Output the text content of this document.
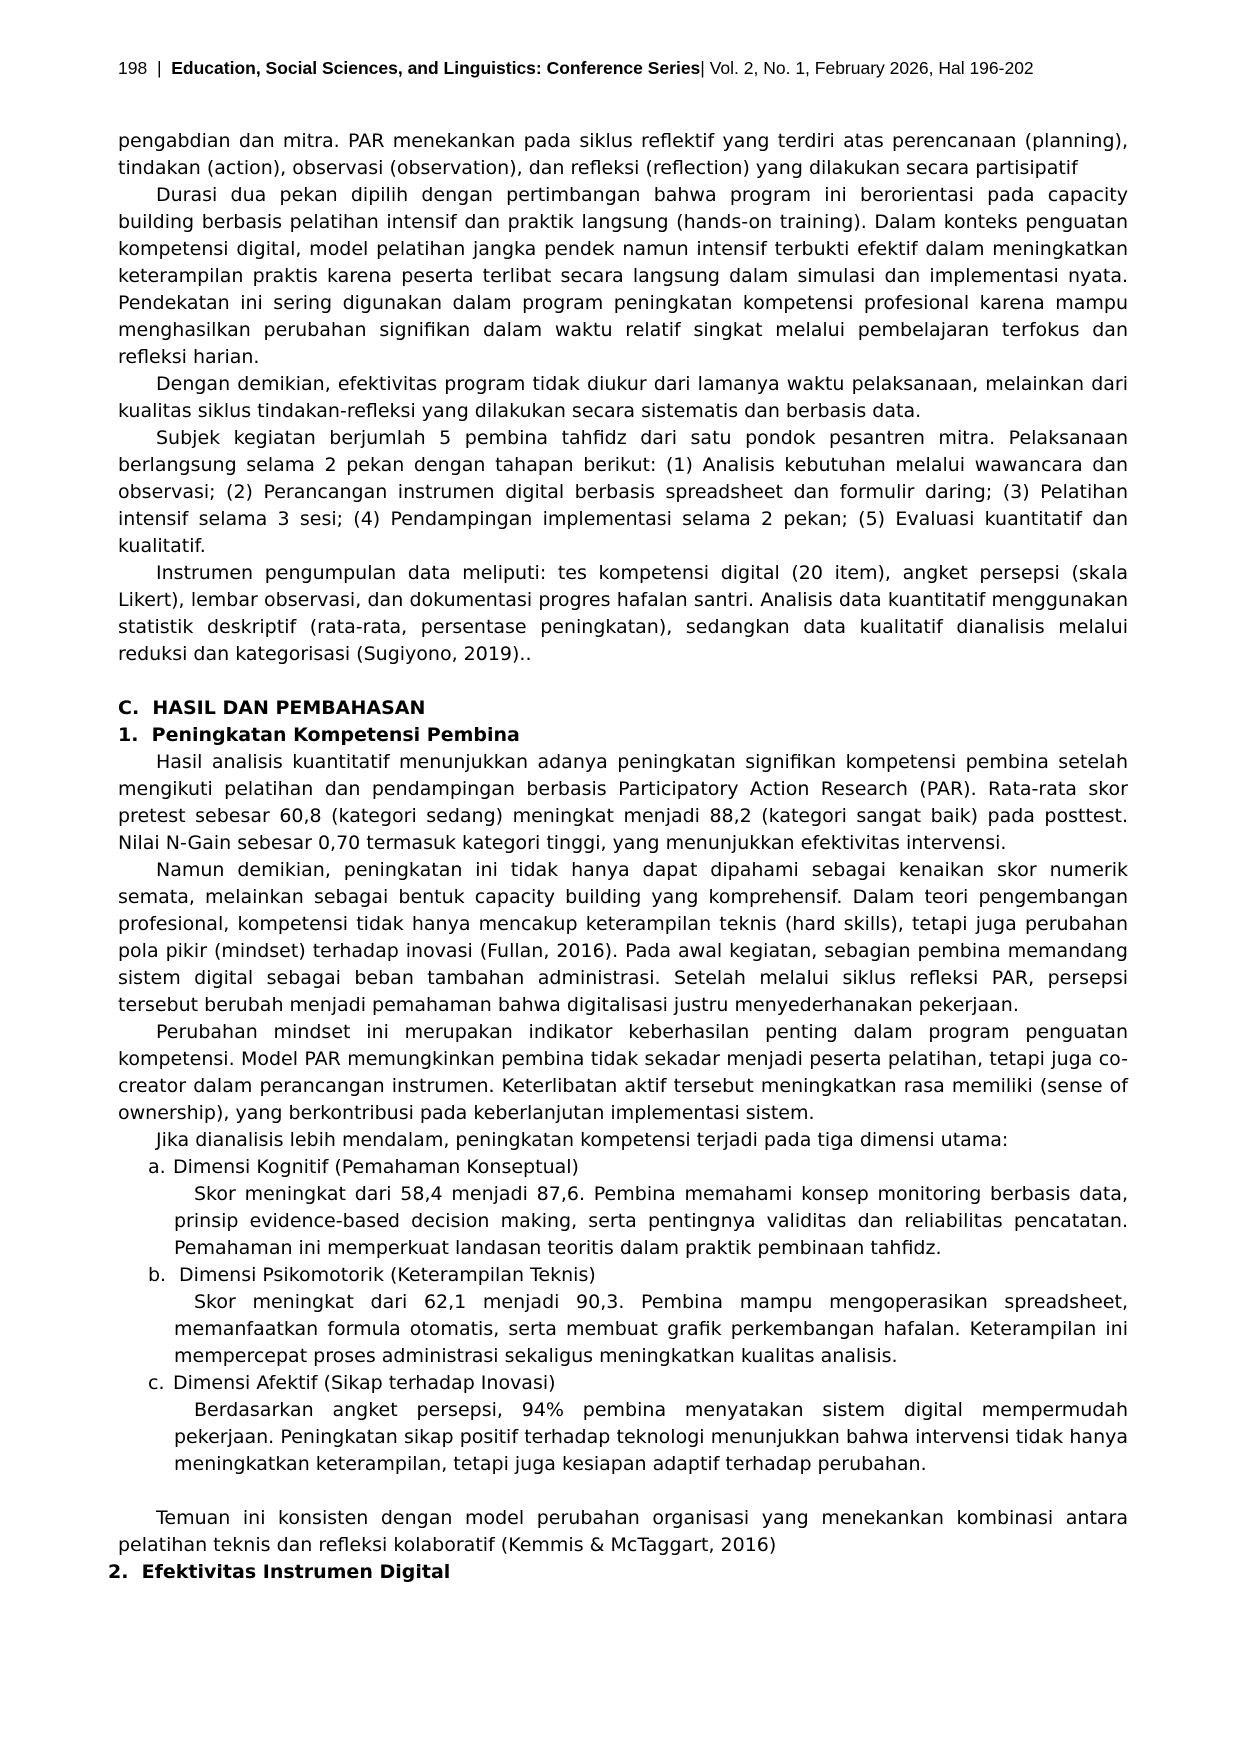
198  |  Education, Social Sciences, and Linguistics: Conference Series| Vol. 2, No. 1, February 2026, Hal 196-202

pengabdian dan mitra. PAR menekankan pada siklus reflektif yang terdiri atas perencanaan (planning), tindakan (action), observasi (observation), dan refleksi (reflection) yang dilakukan secara partisipatif

Durasi dua pekan dipilih dengan pertimbangan bahwa program ini berorientasi pada capacity building berbasis pelatihan intensif dan praktik langsung (hands-on training). Dalam konteks penguatan kompetensi digital, model pelatihan jangka pendek namun intensif terbukti efektif dalam meningkatkan keterampilan praktis karena peserta terlibat secara langsung dalam simulasi dan implementasi nyata. Pendekatan ini sering digunakan dalam program peningkatan kompetensi profesional karena mampu menghasilkan perubahan signifikan dalam waktu relatif singkat melalui pembelajaran terfokus dan refleksi harian.

Dengan demikian, efektivitas program tidak diukur dari lamanya waktu pelaksanaan, melainkan dari kualitas siklus tindakan-refleksi yang dilakukan secara sistematis dan berbasis data.

Subjek kegiatan berjumlah 5 pembina tahfidz dari satu pondok pesantren mitra. Pelaksanaan berlangsung selama 2 pekan dengan tahapan berikut: (1) Analisis kebutuhan melalui wawancara dan observasi; (2) Perancangan instrumen digital berbasis spreadsheet dan formulir daring; (3) Pelatihan intensif selama 3 sesi; (4) Pendampingan implementasi selama 2 pekan; (5) Evaluasi kuantitatif dan kualitatif.

Instrumen pengumpulan data meliputi: tes kompetensi digital (20 item), angket persepsi (skala Likert), lembar observasi, dan dokumentasi progres hafalan santri. Analisis data kuantitatif menggunakan statistik deskriptif (rata-rata, persentase peningkatan), sedangkan data kualitatif dianalisis melalui reduksi dan kategorisasi (Sugiyono, 2019)..

C.  HASIL DAN PEMBAHASAN

1.  Peningkatan Kompetensi Pembina

Hasil analisis kuantitatif menunjukkan adanya peningkatan signifikan kompetensi pembina setelah mengikuti pelatihan dan pendampingan berbasis Participatory Action Research (PAR). Rata-rata skor pretest sebesar 60,8 (kategori sedang) meningkat menjadi 88,2 (kategori sangat baik) pada posttest. Nilai N-Gain sebesar 0,70 termasuk kategori tinggi, yang menunjukkan efektivitas intervensi.

Namun demikian, peningkatan ini tidak hanya dapat dipahami sebagai kenaikan skor numerik semata, melainkan sebagai bentuk capacity building yang komprehensif. Dalam teori pengembangan profesional, kompetensi tidak hanya mencakup keterampilan teknis (hard skills), tetapi juga perubahan pola pikir (mindset) terhadap inovasi (Fullan, 2016). Pada awal kegiatan, sebagian pembina memandang sistem digital sebagai beban tambahan administrasi. Setelah melalui siklus refleksi PAR, persepsi tersebut berubah menjadi pemahaman bahwa digitalisasi justru menyederhanakan pekerjaan.

Perubahan mindset ini merupakan indikator keberhasilan penting dalam program penguatan kompetensi. Model PAR memungkinkan pembina tidak sekadar menjadi peserta pelatihan, tetapi juga co-creator dalam perancangan instrumen. Keterlibatan aktif tersebut meningkatkan rasa memiliki (sense of ownership), yang berkontribusi pada keberlanjutan implementasi sistem.

Jika dianalisis lebih mendalam, peningkatan kompetensi terjadi pada tiga dimensi utama:

a. Dimensi Kognitif (Pemahaman Konseptual)

Skor meningkat dari 58,4 menjadi 87,6. Pembina memahami konsep monitoring berbasis data, prinsip evidence-based decision making, serta pentingnya validitas dan reliabilitas pencatatan. Pemahaman ini memperkuat landasan teoritis dalam praktik pembinaan tahfidz.

b. Dimensi Psikomotorik (Keterampilan Teknis)

Skor meningkat dari 62,1 menjadi 90,3. Pembina mampu mengoperasikan spreadsheet, memanfaatkan formula otomatis, serta membuat grafik perkembangan hafalan. Keterampilan ini mempercepat proses administrasi sekaligus meningkatkan kualitas analisis.

c. Dimensi Afektif (Sikap terhadap Inovasi)

Berdasarkan angket persepsi, 94% pembina menyatakan sistem digital mempermudah pekerjaan. Peningkatan sikap positif terhadap teknologi menunjukkan bahwa intervensi tidak hanya meningkatkan keterampilan, tetapi juga kesiapan adaptif terhadap perubahan.

Temuan ini konsisten dengan model perubahan organisasi yang menekankan kombinasi antara pelatihan teknis dan refleksi kolaboratif (Kemmis & McTaggart, 2016)

2.  Efektivitas Instrumen Digital
